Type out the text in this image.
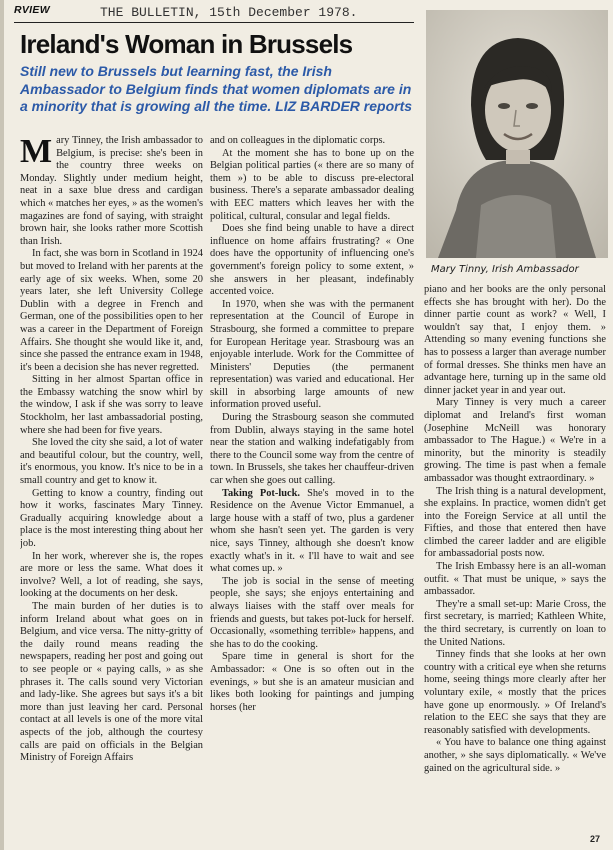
RVIEW	THE BULLETIN, 15th December 1978.
Ireland's Woman in Brussels

Still new to Brussels but learning fast, the Irish Ambassador to Belgium finds that women diplomats are in a minority that is growing all the time. LIZ BARDER reports

Mary Tinny, Irish Ambassador

Mary Tinney, the Irish ambassador to Belgium, is precise: she's been in the country three weeks on Monday. Slightly under medium height, neat in a saxe blue dress and cardigan which « matches her eyes, » as the women's magazines are fond of saying, with straight brown hair, she looks rather more Scottish than Irish.

In fact, she was born in Scotland in 1924 but moved to Ireland with her parents at the early age of six weeks. When, some 20 years later, she left University College Dublin with a degree in French and German, one of the possibilities open to her was a career in the Department of Foreign Affairs. She thought she would like it, and, since she passed the entrance exam in 1948, it's been a decision she has never regretted.

Sitting in her almost Spartan office in the Embassy watching the snow whirl by the window, I ask if she was sorry to leave Stockholm, her last ambassadorial posting, where she had been for five years.

She loved the city she said, a lot of water and beautiful colour, but the country, well, it's enormous, you know. It's nice to be in a small country and get to know it.

Getting to know a country, finding out how it works, fascinates Mary Tinney. Gradually acquiring knowledge about a place is the most interesting thing about her job.

In her work, wherever she is, the ropes are more or less the same. What does it involve? Well, a lot of reading, she says, looking at the documents on her desk.

The main burden of her duties is to inform Ireland about what goes on in Belgium, and vice versa. The nitty-gritty of the daily round means reading the newspapers, reading her post and going out to see people or « paying calls, » as she phrases it. The calls sound very Victorian and lady-like. She agrees but says it's a bit more than just leaving her card. Personal contact at all levels is one of the more vital aspects of the job, although the courtesy calls are paid on officials in the Belgian Ministry of Foreign Affairs

and on colleagues in the diplomatic corps.

At the moment she has to bone up on the Belgian political parties (« there are so many of them ») to be able to discuss pre-electoral business. There's a separate ambassador dealing with EEC matters which leaves her with the political, cultural, consular and legal fields.

Does she find being unable to have a direct influence on home affairs frustrating? « One does have the opportunity of influencing one's government's foreign policy to some extent, » she answers in her pleasant, indefinably accented voice.

In 1970, when she was with the permanent representation at the Council of Europe in Strasbourg, she formed a committee to prepare for European Heritage year. Strasbourg was an enjoyable interlude. Work for the Committee of Ministers' Deputies (the permanent representation) was varied and educational. Her skill in absorbing large amounts of new information proved useful.

During the Strasbourg season she commuted from Dublin, always staying in the same hotel near the station and walking indefatigably from there to the Council some way from the centre of town. In Brussels, she takes her chauffeur-driven car when she goes out calling.

Taking Pot-luck. She's moved in to the Residence on the Avenue Victor Emmanuel, a large house with a staff of two, plus a gardener whom she hasn't seen yet. The garden is very nice, says Tinney, although she doesn't know exactly what's in it. « I'll have to wait and see what comes up. »

The job is social in the sense of meeting people, she says; she enjoys entertaining and always liaises with the staff over meals for friends and guests, but takes pot-luck for herself. Occasionally, «something terrible» happens, and she has to do the cooking.

Spare time in general is short for the Ambassador: « One is so often out in the evenings, » but she is an amateur musician and likes both looking for paintings and jumping horses (her

piano and her books are the only personal effects she has brought with her). Do the dinner partie count as work? « Well, I wouldn't say that, I enjoy them. » Attending so many evening functions she has to possess a larger than average number of formal dresses. She thinks men have an advantage here, turning up in the same old dinner jacket year in and year out.

Mary Tinney is very much a career diplomat and Ireland's first woman (Josephine McNeill was honorary ambassador to The Hague.) « We're in a minority, but the minority is steadily growing. The time is past when a female ambassador was thought extraordinary. »

The Irish thing is a natural development, she explains. In practice, women didn't get into the Foreign Service at all until the Fifties, and those that entered then have climbed the career ladder and are eligible for ambassadorial posts now.

The Irish Embassy here is an all-woman outfit. « That must be unique, » says the ambassador.

They're a small set-up: Marie Cross, the first secretary, is married; Kathleen White, the third secretary, is currently on loan to the United Nations.

Tinney finds that she looks at her own country with a critical eye when she returns home, seeing things more clearly after her voluntary exile, « mostly that the prices have gone up enormously. » Of Ireland's relation to the EEC she says that they are reasonably satisfied with developments.

« You have to balance one thing against another, » she says diplomatically. « We've gained on the agricultural side. »

27
